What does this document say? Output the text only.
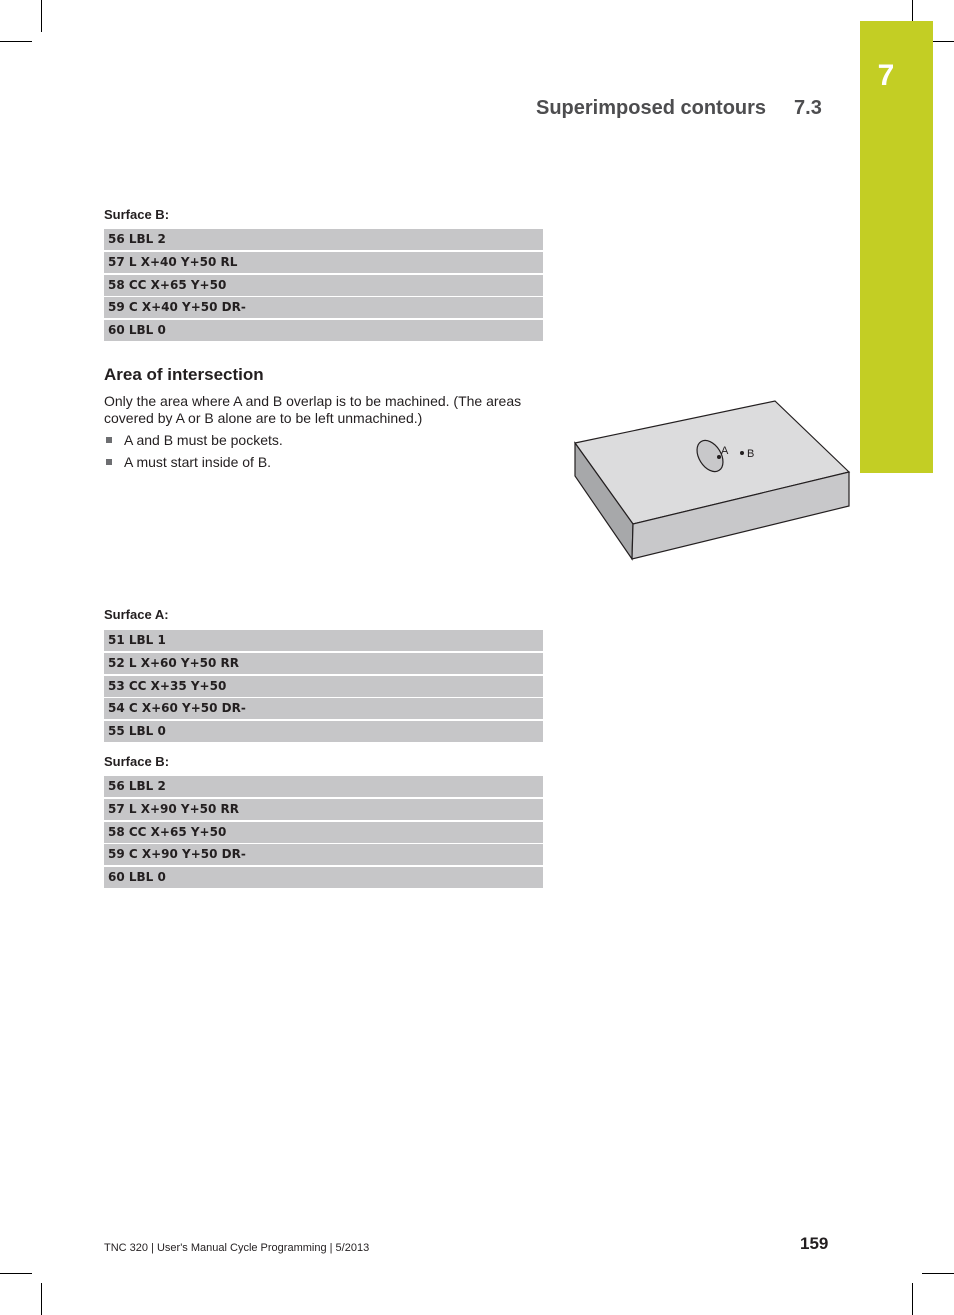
7
Superimposed contours 7.3
Surface B:
56 LBL 2
57 L X+40 Y+50 RL
58 CC X+65 Y+50
59 C X+40 Y+50 DR-
60 LBL 0
Area of intersection
Only the area where A and B overlap is to be machined. (The areas covered by A or B alone are to be left unmachined.)
A and B must be pockets.
A must start inside of B.
A B
Surface A:
51 LBL 1
52 L X+60 Y+50 RR
53 CC X+35 Y+50
54 C X+60 Y+50 DR-
55 LBL 0
Surface B:
56 LBL 2
57 L X+90 Y+50 RR
58 CC X+65 Y+50
59 C X+90 Y+50 DR-
60 LBL 0
TNC 320 | User's Manual Cycle Programming | 5/2013	159
